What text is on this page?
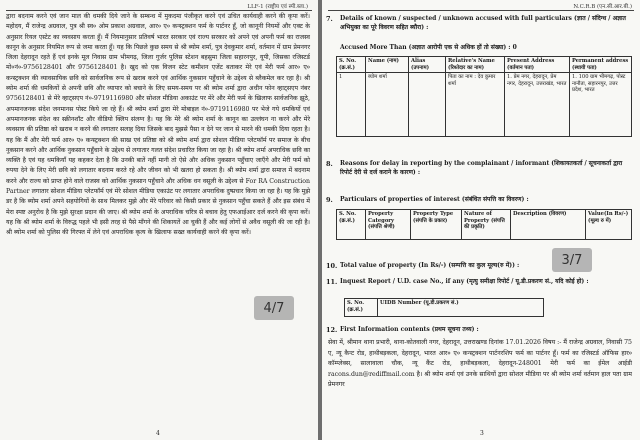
LLF-1 (राष्ट्रीय एवं स्पी.ब्ला.)

द्वारा बदनाम करने एवं जान माल की धमकी दिये जाने के सम्बन्ध में मुकदमा पंजीकृत करने एवं उचित कार्यवाही करने की कृपा करें। महोदय, मैं राजेन्द्र अग्रवाल, पुत्र श्री स्व० ओम प्रकाश अग्रवाल, आर० ए० कन्स्ट्रक्शन फर्म के पार्टनर हूँ, जो कानूनी नियमों और एक्ट के अनुसार रियल एस्टेट का व्यवसाय करता हूँ। मैं नियमानुसार प्रतिवर्ष भारत सरकार एवं राज्य सरकार को अपने एवं अपनी फर्म का राजस्व कानून के अनुसार नियमित रूप से जमा करता हूँ। यह कि पिछले कुछ समय से श्री ब्योम शर्मा, पुत्र देवकुमार शर्मा, वर्तमान में ग्राम प्रेमनगर जिला देहरादून रहते हैं एवं इनके मूल निवास ग्राम भीमगढ़, जिला गुर्जर पुलिस स्टेशन बहसुमा जिला सहारनपुर, यूपी, जिसका रजिस्टर्ड मो०नं०-9756128401 और 9756128401 है। खुद को एक विजन स्टेट कमीशन एजेंट बताकर मेरे एवं मेरी फर्म आर० ए० कन्स्ट्रक्शन की व्यावसायिक छवि को सार्वजनिक रूप से खराब करने एवं आर्थिक नुकसान पहुँचाने के उद्देश्य से ब्लैकमेल कर रहा है। श्री ब्योम शर्मा की धमकियों से अपनी छवि और व्यापार को बचाने के लिए समय-समय पर श्री ब्योम शर्मा द्वारा अधीन फोन व्हाट्सएप नंबर 9756128401 से मेरे व्हाट्सएप नं०-9719116980 और सोशल मीडिया अकाउंट पर मेरे और मेरी फर्म के खिलाफ सार्वजनिक झूठे, अपमानजनक संदेश जनमानस पोस्ट किये जा रहे हैं। श्री ब्योम शर्मा द्वारा मेरे मोबाइल नं०-9719116980 पर भेजे गये धमकियों एवं अपमानजनक संदेश का स्क्रीनशॉट और वीडियो क्लिप संलग्न है। यह कि मेरे श्री ब्योम शर्मा के कानून का उल्लंघन ना करने और मेरे व्यवसाय की प्रतिष्ठा को खराब न करने की लगातार सलाह दिया जिसके बाद मुझसे पैसा न देने पर जान से मारने की धमकी दिया रहता है। यह कि मैं और मेरी फर्म आर० ए० कन्स्ट्रक्शन की साख एवं प्रतिष्ठा को श्री ब्योम शर्मा द्वारा सोशल मीडिया प्लेटफॉर्म पर समाज के बीच नुकसान करने और आर्थिक नुकसान पहुँचाने के उद्देश्य से लगातार गलत संदेश प्रचारित किया जा रहा है। श्री ब्योम शर्मा अपराधिक छवि का व्यक्ति है एवं यह धमकियाँ यह कहकर देता है कि उनकी बातें नहीं मानी तो ऐसे और अधिक नुकसान पहुँचाए जाएँगे और मेरी फर्म को रुपया देने के लिए मेरी छवि को लगातार बदनाम करते रहे और जीवन को भी खतरा हो सकता है। श्री ब्योम शर्मा द्वारा समाज में बदनाम करने और राज्य को प्राप्त होने वाले राजस्व को आर्थिक नुकसान पहुँचाने और अधिक धन वसूली के उद्देश्य से For RA Construction Partner लगातार सोशल मीडिया प्लेटफॉर्म एवं मेरे सोशल मीडिया एकाउंट पर लगातार अपराधिक दुष्प्रचार किया जा रहा है। यह कि मुझे डर है कि ब्योम शर्मा अपने सहयोगियों के साथ मिलकर मुझे और मेरे परिवार को किसी प्रकार से नुकसान पहुँचा सकते हैं और इस संबंध में मेरा स्पष्ट अनुरोध है कि मुझे सुरक्षा प्रदान की जाए। श्री ब्योम शर्मा के अपराधिक चरित्र से बचाव हेतु एफआईआर दर्ज करने की कृपा करें। यह कि श्री ब्योम शर्मा के विरुद्ध पहले भी इसी तरह से पैसे माँगने की शिकायतें आ चुकी हैं और कई लोगों से अवैध वसूली की जा रही है। श्री ब्योम शर्मा को पुलिस की गिरफ्त में लेने एवं अपराधिक कृत्य के खिलाफ सख्त कार्यवाही करने की कृपा करें।

4/7
4
N.C.R.B (एन.सी.आर.बी.)
7. Details of known / suspected / unknown accused with full particulars (ज्ञात / संदिग्ध / अज्ञात अभियुक्त का पूरे विवरण सहित ब्यौरा) :
Accused More Than (अज्ञात आरोपी एक से अधिक हों तो संख्या) : 0
S. No. (क्र.सं.)	Name (नाम)	Alias (उपनाम)	Relative's Name (रिश्तेदार का नाम)	Present Address (वर्तमान पता)	Permanent address (स्थायी पता)
1	ब्योम शर्मा		पिता का नाम : देव कुमार शर्मा	1. प्रेम नगर, देहरादून, प्रेम नगर, देहरादून, उत्तराखंड, भारत	1. 100 ग्राम भीमगढ़, पोस्ट नानौता, सहारनपुर, उत्तर प्रदेश, भारत
8. Reasons for delay in reporting by the complainant / informant (शिकायतकर्ता / सूचनाकर्ता द्वारा रिपोर्ट देरी से दर्ज कराने के कारण) :
9. Particulars of properties of interest (संबंधित संपत्ति का विवरण) :
S. No. (क्र.सं.)	Property Category (संपत्ति श्रेणी)	Property Type (संपत्ति के प्रकार)	Nature of Property (संपत्ति की प्रकृति)	Description (विवरण)	Value(In Rs/-) (मूल्य रु में)
3/7
10. Total value of property (In Rs/-) (सम्पत्ति का कुल मूल्य(रु में)) :
11. Inquest Report / U.D. case No., if any (मृत्यु समीक्षा रिपोर्ट / यू.डी.प्रकरण सं., यदि कोई हो) :
S. No. (क्र.सं.)	UIDB Number (यू.डी.प्रकरण सं.)
12. First Information contents (प्रथम सूचना तथ्य) :
सेवा में, श्रीमान थाना प्रभारी, थाना-कोतवाली नगर, देहरादून, उत्तराखण्ड दिनांक 17.01.2026 विषय :- मैं राजेन्द्र अग्रवाल, निवासी 75 ए, न्यू कैन्ट रोड, हाथीबड़कला, देहरादून, भारत आर० ए० कन्स्ट्रक्शन पार्टनरशिप फर्म का पार्टनर हूँ। फर्म का रजिस्टर्ड ऑफिस हार० कॉम्प्लेक्स, सालावाला चौक, न्यू कैंट रोड, हाथीबड़कला, देहरादून-248001 मेरी फर्म का ईमेल आईडी racons.dun@rediffmail.com है। श्री ब्योम शर्मा एवं उनके साथियों द्वारा सोशल मीडिया पर श्री ब्योम शर्मा वर्तमान हाल पता ग्राम प्रेमनगर
3
